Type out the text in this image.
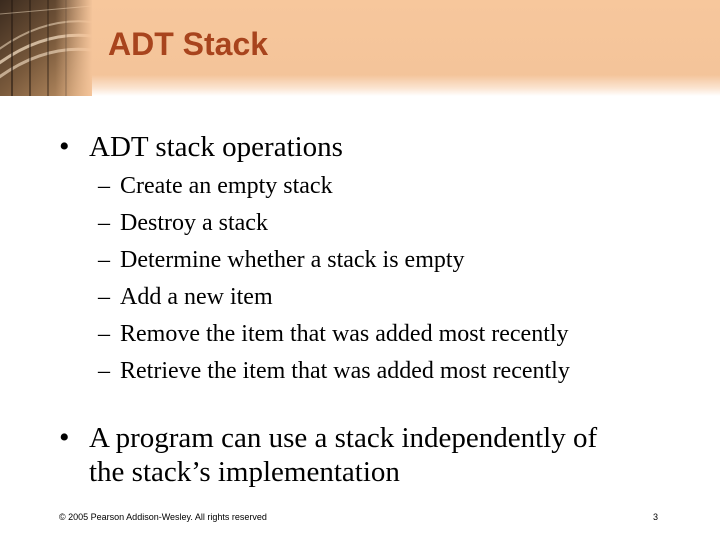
ADT Stack
• ADT stack operations
– Create an empty stack
– Destroy a stack
– Determine whether a stack is empty
– Add a new item
– Remove the item that was added most recently
– Retrieve the item that was added most recently
• A program can use a stack independently of
the stack’s implementation
© 2005 Pearson Addison-Wesley. All rights reserved	3
